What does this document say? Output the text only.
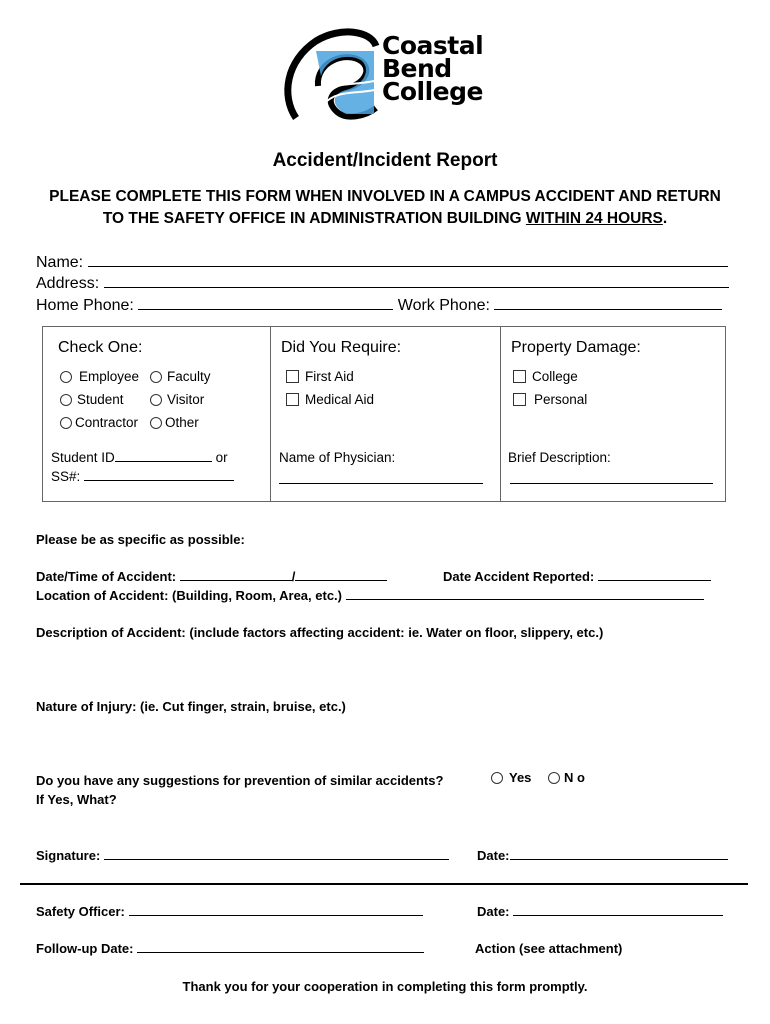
Coastal
Bend
College
Accident/Incident Report
PLEASE COMPLETE THIS FORM WHEN INVOLVED IN A CAMPUS ACCIDENT AND RETURN
TO THE SAFETY OFFICE IN ADMINISTRATION BUILDING WITHIN 24 HOURS.
Name:
Address:
Home Phone:	Work Phone:
Check One:
Employee Faculty
Student	Visitor
Contractor Other
Student ID	or
SS#:
Did You Require:
First Aid
Medical Aid
Name of Physician:
Property Damage:
College
Personal
Brief Description:
Please be as specific as possible:
Date/Time of Accident:	/	Date Accident Reported:
Location of Accident: (Building, Room, Area, etc.)
Description of Accident: (include factors affecting accident: ie. Water on floor, slippery, etc.)
Nature of Injury: (ie. Cut finger, strain, bruise, etc.)
Do you have any suggestions for prevention of similar accidents?
If Yes, What?
Yes	N o
Signature:	Date:
Safety Officer:	Date:
Follow-up Date:	Action (see attachment)
Thank you for your cooperation in completing this form promptly.
